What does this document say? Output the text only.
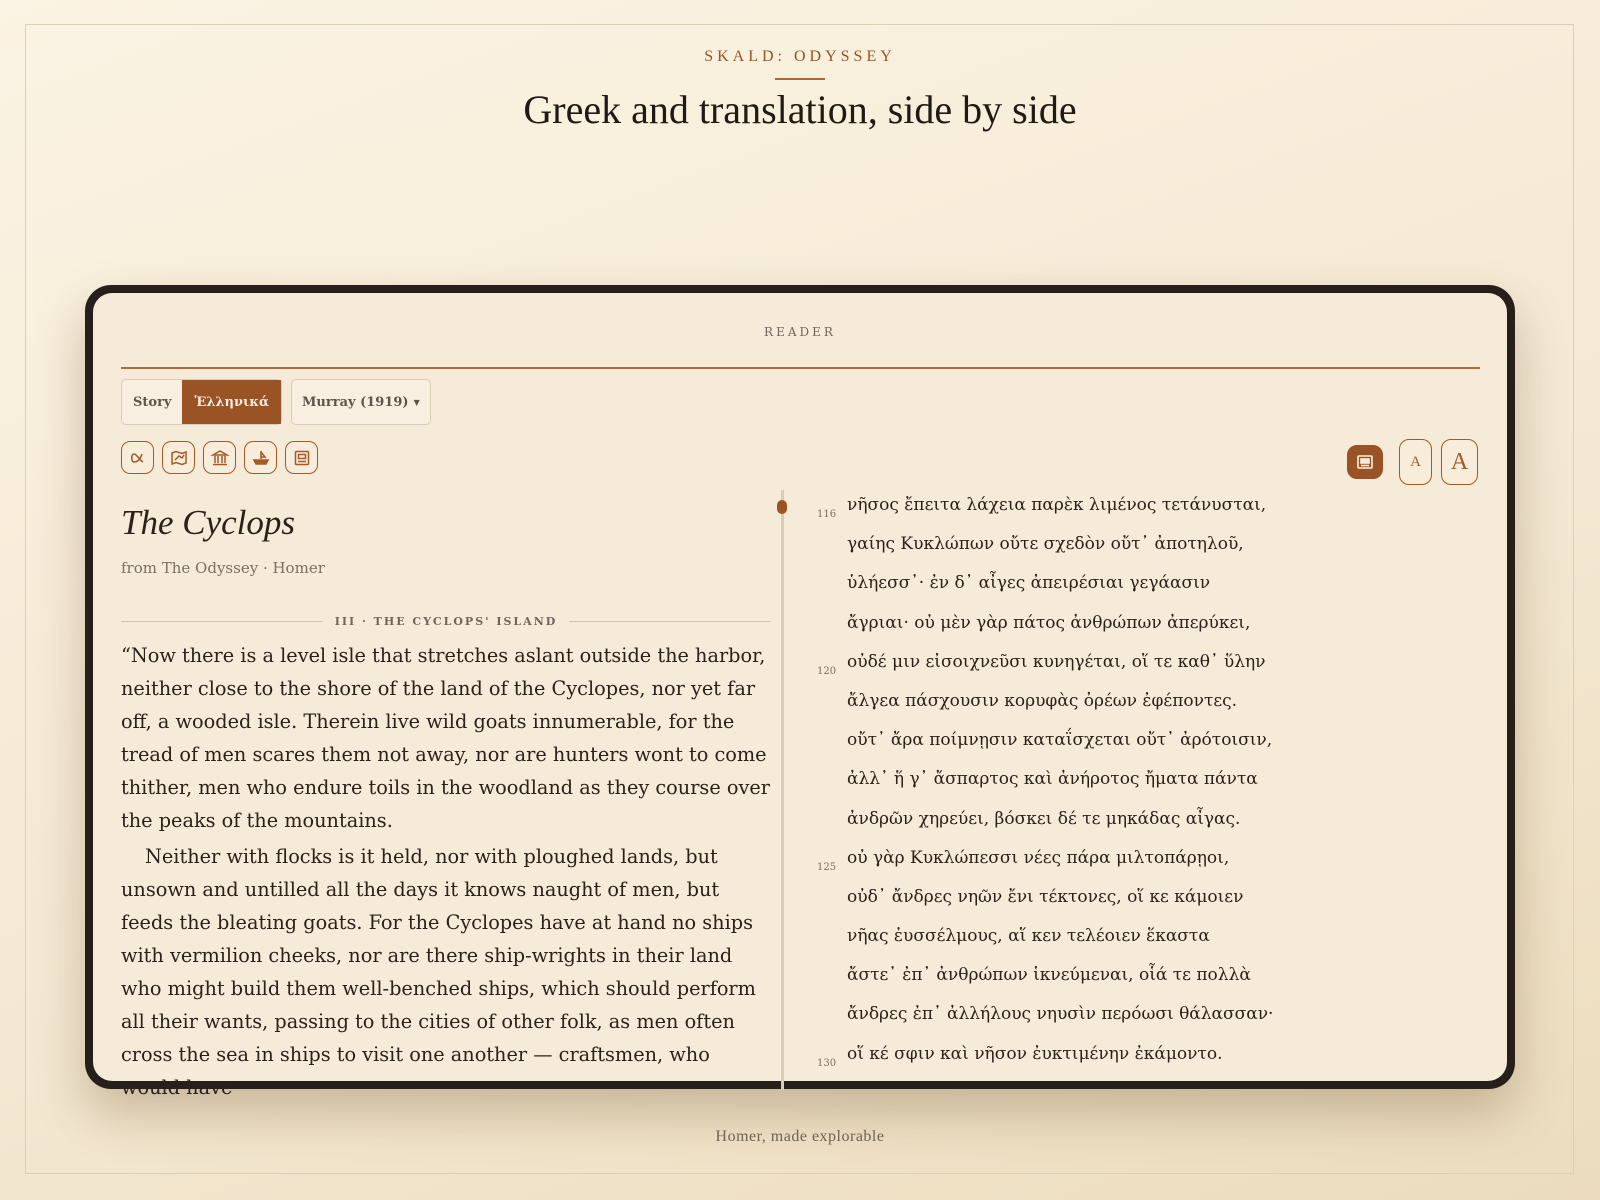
SKALD: ODYSSEY
Greek and translation, side by side
READER
Story	Ἑλληνικά	Murray (1919) ▼
A	A
The Cyclops
from The Odyssey · Homer
III · THE CYCLOPS' ISLAND

“Now there is a level isle that stretches aslant outside the harbor, neither close to the shore of the land of the Cyclopes, nor yet far off, a wooded isle. Therein live wild goats innumerable, for the tread of men scares them not away, nor are hunters wont to come thither, men who endure toils in the woodland as they course over the peaks of the mountains.

Neither with flocks is it held, nor with ploughed lands, but unsown and untilled all the days it knows naught of men, but feeds the bleating goats. For the Cyclopes have at hand no ships with vermilion cheeks, nor are there ship-wrights in their land who might build them well-benched ships, which should perform all their wants, passing to the cities of other folk, as men often cross the sea in ships to visit one another — craftsmen, who would have

116 νῆσος ἔπειτα λάχεια παρὲκ λιμένος τετάνυσται,
γαίης Κυκλώπων οὔτε σχεδὸν οὔτ᾽ ἀποτηλοῦ,
ὑλήεσσ᾽· ἐν δ᾽ αἶγες ἀπειρέσιαι γεγάασιν
ἄγριαι· οὐ μὲν γὰρ πάτος ἀνθρώπων ἀπερύκει,
120 οὐδέ μιν εἰσοιχνεῦσι κυνηγέται, οἵ τε καθ᾽ ὕλην
ἄλγεα πάσχουσιν κορυφὰς ὀρέων ἐφέποντες.
οὔτ᾽ ἄρα ποίμνῃσιν καταΐσχεται οὔτ᾽ ἀρότοισιν,
ἀλλ᾽ ἥ γ᾽ ἄσπαρτος καὶ ἀνήροτος ἤματα πάντα
ἀνδρῶν χηρεύει, βόσκει δέ τε μηκάδας αἶγας.
125 οὐ γὰρ Κυκλώπεσσι νέες πάρα μιλτοπάρῃοι,
οὐδ᾽ ἄνδρες νηῶν ἔνι τέκτονες, οἵ κε κάμοιεν
νῆας ἐυσσέλμους, αἵ κεν τελέοιεν ἕκαστα
ἄστε᾽ ἐπ᾽ ἀνθρώπων ἱκνεύμεναι, οἷά τε πολλὰ
ἄνδρες ἐπ᾽ ἀλλήλους νηυσὶν περόωσι θάλασσαν·
130 οἵ κέ σφιν καὶ νῆσον ἐυκτιμένην ἐκάμοντο.
Homer, made explorable
